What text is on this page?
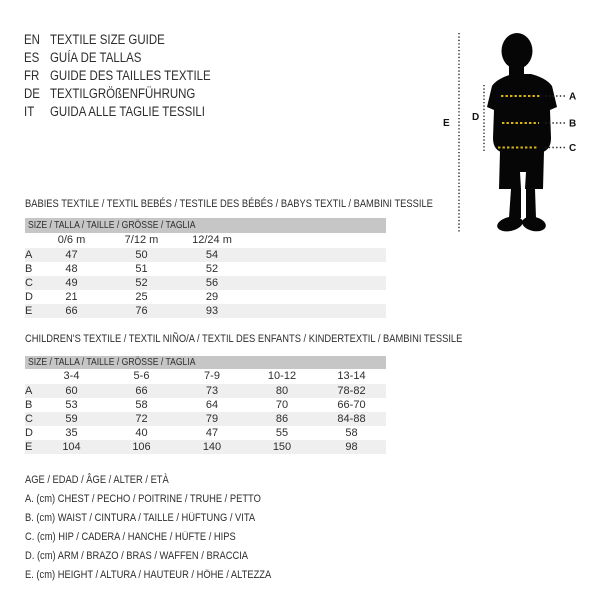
EN TEXTILE SIZE GUIDE
ES GUÍA DE TALLAS
FR GUIDE DES TAILLES TEXTILE
DE TEXTILGRÖßENFÜHRUNG
IT	GUIDA ALLE TAGLIE TESSILI
A
B
C
D
E
BABIES TEXTILE / TEXTIL BEBÉS / TESTILE DES BÉBÉS / BABYS TEXTIL / BAMBINI TESSILE
SIZE / TALLA / TAILLE / GRÖSSE / TAGLIA
	0/6 m	7/12 m	12/24 m		
A	47	50	54		
B	48	51	52		
C	49	52	56		
D	21	25	29		
E	66	76	93		
CHILDREN'S TEXTILE / TEXTIL NIÑO/A / TEXTIL DES ENFANTS / KINDERTEXTIL / BAMBINI TESSILE
SIZE / TALLA / TAILLE / GRÖSSE / TAGLIA
	3-4	5-6	7-9	10-12	13-14
A	60	66	73	80	78-82
B	53	58	64	70	66-70
C	59	72	79	86	84-88
D	35	40	47	55	58
E	104	106	140	150	98
AGE / EDAD / ÂGE / ALTER / ETÀ
A. (cm) CHEST / PECHO / POITRINE / TRUHE / PETTO
B. (cm) WAIST / CINTURA / TAILLE / HÜFTUNG / VITA
C. (cm) HIP / CADERA / HANCHE / HÜFTE / HIPS
D. (cm) ARM / BRAZO / BRAS / WAFFEN / BRACCIA
E. (cm) HEIGHT / ALTURA / HAUTEUR / HÖHE / ALTEZZA
